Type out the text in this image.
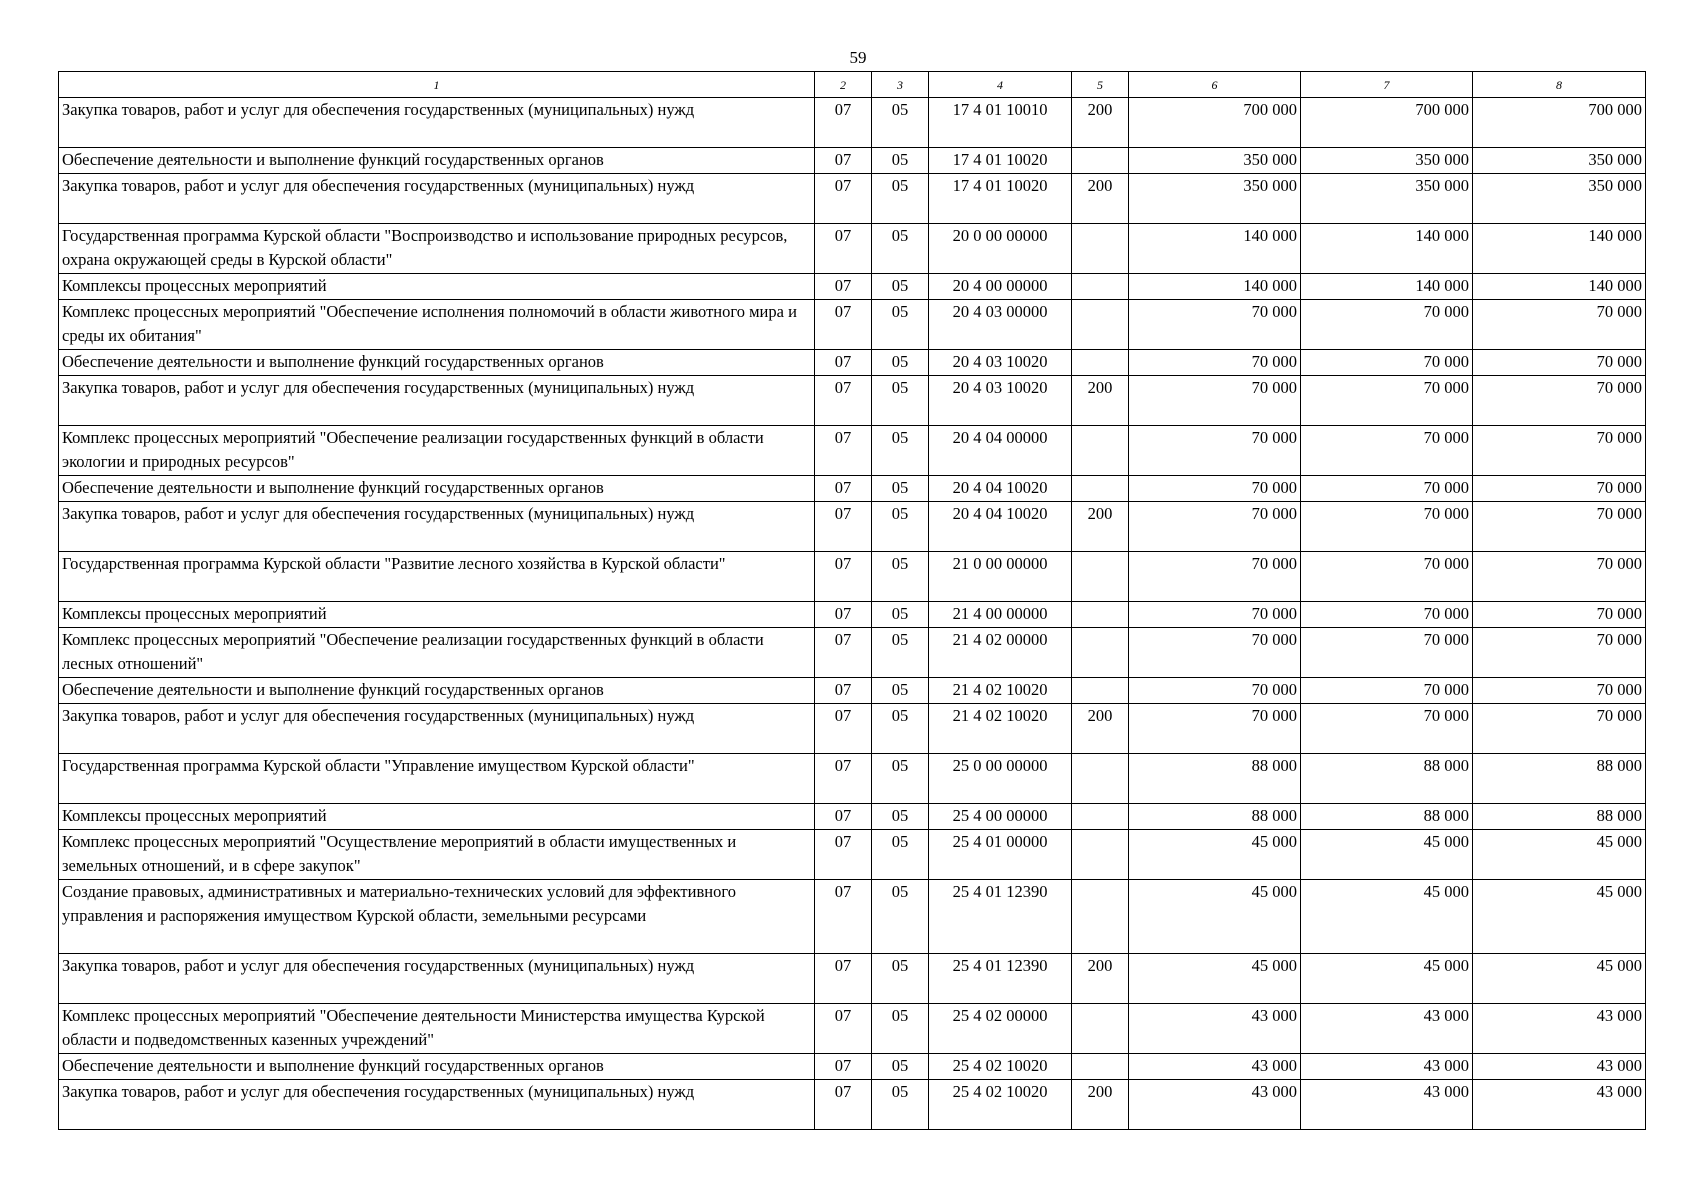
59
1	2	3	4	5	6	7	8
Закупка товаров, работ и услуг для обеспечения государственных (муниципальных) нужд	07	05	17 4 01 10010	200	700 000	700 000	700 000
Обеспечение деятельности и выполнение функций государственных органов	07	05	17 4 01 10020		350 000	350 000	350 000
Закупка товаров, работ и услуг для обеспечения государственных (муниципальных) нужд	07	05	17 4 01 10020	200	350 000	350 000	350 000
Государственная программа Курской области "Воспроизводство и использование природных ресурсов, охрана окружающей среды в Курской области"	07	05	20 0 00 00000		140 000	140 000	140 000
Комплексы процессных мероприятий	07	05	20 4 00 00000		140 000	140 000	140 000
Комплекс процессных мероприятий "Обеспечение исполнения полномочий в области животного мира и среды их обитания"	07	05	20 4 03 00000		70 000	70 000	70 000
Обеспечение деятельности и выполнение функций государственных органов	07	05	20 4 03 10020		70 000	70 000	70 000
Закупка товаров, работ и услуг для обеспечения государственных (муниципальных) нужд	07	05	20 4 03 10020	200	70 000	70 000	70 000
Комплекс процессных мероприятий "Обеспечение реализации государственных функций в области экологии и природных ресурсов"	07	05	20 4 04 00000		70 000	70 000	70 000
Обеспечение деятельности и выполнение функций государственных органов	07	05	20 4 04 10020		70 000	70 000	70 000
Закупка товаров, работ и услуг для обеспечения государственных (муниципальных) нужд	07	05	20 4 04 10020	200	70 000	70 000	70 000
Государственная программа Курской области "Развитие лесного хозяйства в Курской области"	07	05	21 0 00 00000		70 000	70 000	70 000
Комплексы процессных мероприятий	07	05	21 4 00 00000		70 000	70 000	70 000
Комплекс процессных мероприятий "Обеспечение реализации государственных функций в области лесных отношений"	07	05	21 4 02 00000		70 000	70 000	70 000
Обеспечение деятельности и выполнение функций государственных органов	07	05	21 4 02 10020		70 000	70 000	70 000
Закупка товаров, работ и услуг для обеспечения государственных (муниципальных) нужд	07	05	21 4 02 10020	200	70 000	70 000	70 000
Государственная программа Курской области "Управление имуществом Курской области"	07	05	25 0 00 00000		88 000	88 000	88 000
Комплексы процессных мероприятий	07	05	25 4 00 00000		88 000	88 000	88 000
Комплекс процессных мероприятий "Осуществление мероприятий в области имущественных и земельных отношений, и в сфере закупок"	07	05	25 4 01 00000		45 000	45 000	45 000
Создание правовых, административных и материально-технических условий для эффективного управления и распоряжения имуществом Курской области, земельными ресурсами	07	05	25 4 01 12390		45 000	45 000	45 000
Закупка товаров, работ и услуг для обеспечения государственных (муниципальных) нужд	07	05	25 4 01 12390	200	45 000	45 000	45 000
Комплекс процессных мероприятий "Обеспечение деятельности Министерства имущества Курской области и подведомственных казенных учреждений"	07	05	25 4 02 00000		43 000	43 000	43 000
Обеспечение деятельности и выполнение функций государственных органов	07	05	25 4 02 10020		43 000	43 000	43 000
Закупка товаров, работ и услуг для обеспечения государственных (муниципальных) нужд	07	05	25 4 02 10020	200	43 000	43 000	43 000
